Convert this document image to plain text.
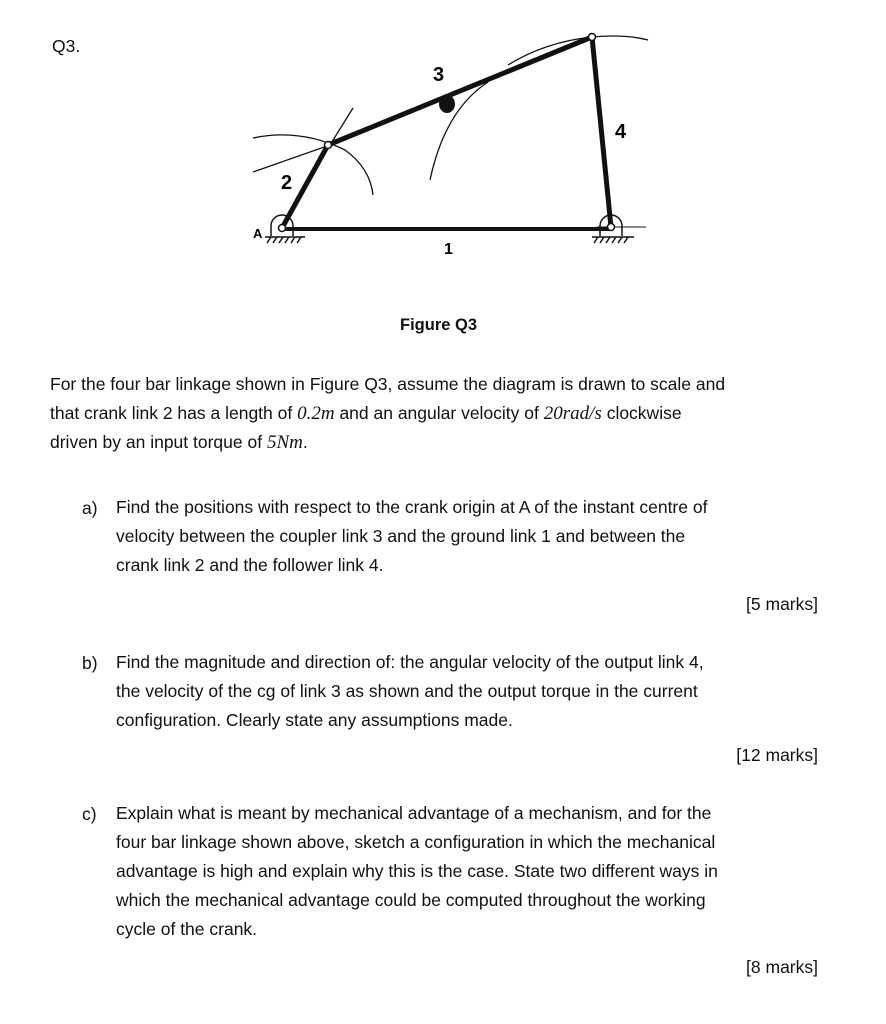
Q3.
3
4
2
1
A
Figure Q3
For the four bar linkage shown in Figure Q3, assume the diagram is drawn to scale and
that crank link 2 has a length of 0.2m and an angular velocity of 20rad/s clockwise
driven by an input torque of 5Nm.
a) Find the positions with respect to the crank origin at A of the instant centre of
velocity between the coupler link 3 and the ground link 1 and between the
crank link 2 and the follower link 4.
[5 marks]
b) Find the magnitude and direction of: the angular velocity of the output link 4,
the velocity of the cg of link 3 as shown and the output torque in the current
configuration. Clearly state any assumptions made.
[12 marks]
c) Explain what is meant by mechanical advantage of a mechanism, and for the
four bar linkage shown above, sketch a configuration in which the mechanical
advantage is high and explain why this is the case. State two different ways in
which the mechanical advantage could be computed throughout the working
cycle of the crank.
[8 marks]
